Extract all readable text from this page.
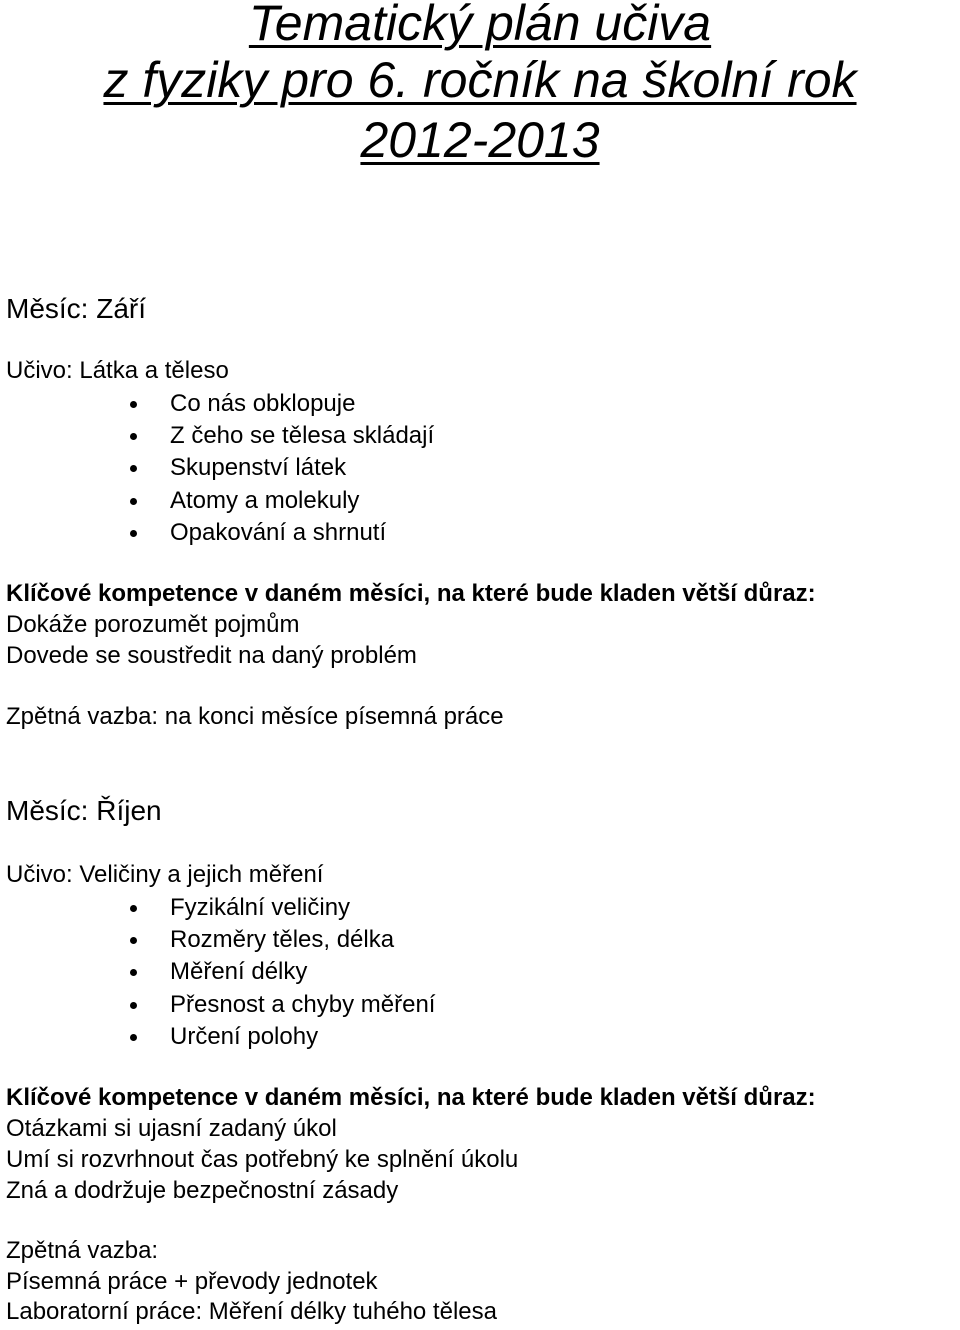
Tematický plán učiva
z fyziky pro 6. ročník na školní rok
2012-2013
Měsíc: Září
Učivo: Látka a těleso
Co nás obklopuje
Z čeho se tělesa skládají
Skupenství látek
Atomy a molekuly
Opakování a shrnutí
Klíčové kompetence v daném měsíci, na které bude kladen větší důraz:
Dokáže porozumět pojmům
Dovede se soustředit na daný problém
Zpětná vazba: na konci měsíce písemná práce
Měsíc: Říjen
Učivo: Veličiny a jejich měření
Fyzikální veličiny
Rozměry těles, délka
Měření délky
Přesnost a chyby měření
Určení polohy
Klíčové kompetence v daném měsíci, na které bude kladen větší důraz:
Otázkami si ujasní zadaný úkol
Umí si rozvrhnout čas potřebný ke splnění úkolu
Zná a dodržuje bezpečnostní zásady
Zpětná vazba:
Písemná práce + převody jednotek
Laboratorní práce: Měření délky tuhého tělesa
